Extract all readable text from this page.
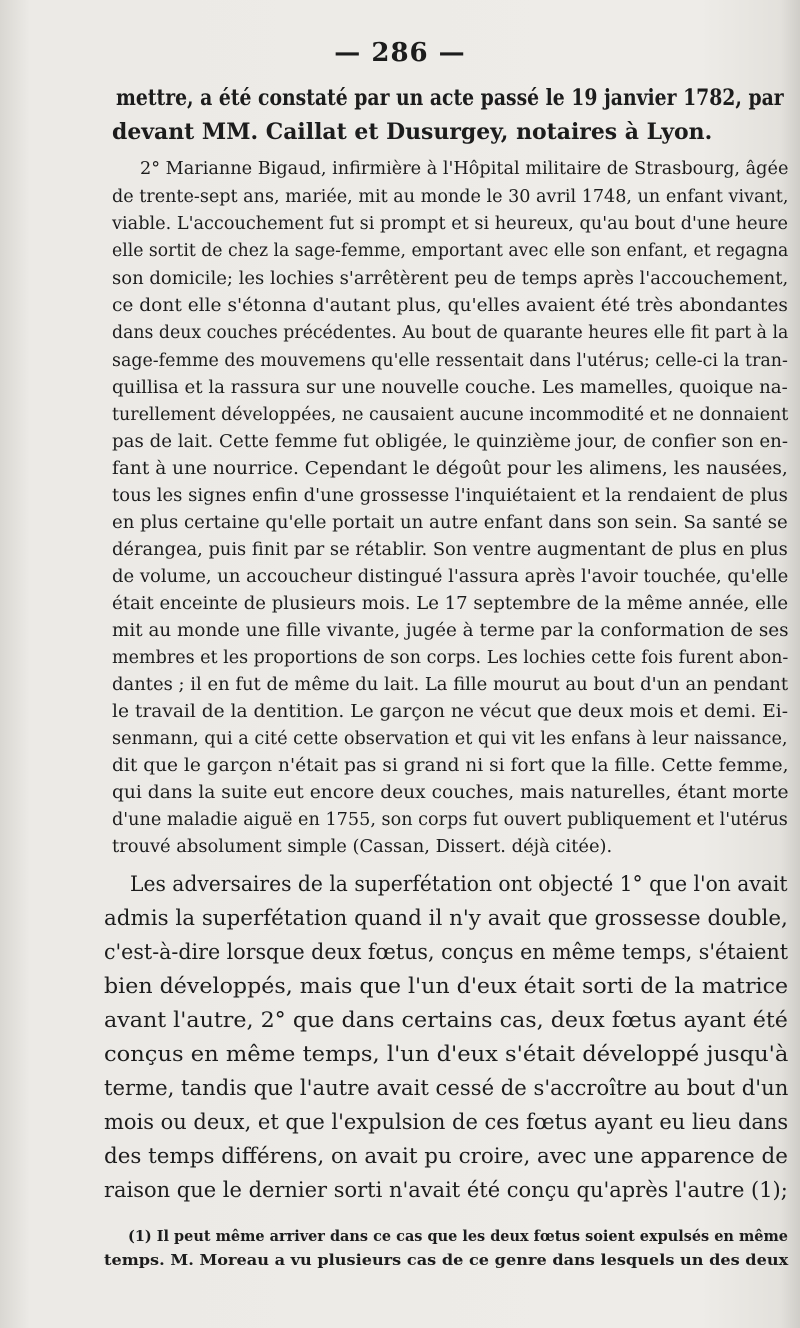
— 286 —
mettre, a été constaté par un acte passé le 19 janvier 1782, par
devant MM. Caillat et Dusurgey, notaires à Lyon.
2° Marianne Bigaud, infirmière à l'Hôpital militaire de Strasbourg, âgée
de trente-sept ans, mariée, mit au monde le 30 avril 1748, un enfant vivant,
viable. L'accouchement fut si prompt et si heureux, qu'au bout d'une heure
elle sortit de chez la sage-femme, emportant avec elle son enfant, et regagna
son domicile; les lochies s'arrêtèrent peu de temps après l'accouchement,
ce dont elle s'étonna d'autant plus, qu'elles avaient été très abondantes
dans deux couches précédentes. Au bout de quarante heures elle fit part à la
sage-femme des mouvemens qu'elle ressentait dans l'utérus; celle-ci la tran-
quillisa et la rassura sur une nouvelle couche. Les mamelles, quoique na-
turellement développées, ne causaient aucune incommodité et ne donnaient
pas de lait. Cette femme fut obligée, le quinzième jour, de confier son en-
fant à une nourrice. Cependant le dégoût pour les alimens, les nausées,
tous les signes enfin d'une grossesse l'inquiétaient et la rendaient de plus
en plus certaine qu'elle portait un autre enfant dans son sein. Sa santé se
dérangea, puis finit par se rétablir. Son ventre augmentant de plus en plus
de volume, un accoucheur distingué l'assura après l'avoir touchée, qu'elle
était enceinte de plusieurs mois. Le 17 septembre de la même année, elle
mit au monde une fille vivante, jugée à terme par la conformation de ses
membres et les proportions de son corps. Les lochies cette fois furent abon-
dantes ; il en fut de même du lait. La fille mourut au bout d'un an pendant
le travail de la dentition. Le garçon ne vécut que deux mois et demi. Ei-
senmann, qui a cité cette observation et qui vit les enfans à leur naissance,
dit que le garçon n'était pas si grand ni si fort que la fille. Cette femme,
qui dans la suite eut encore deux couches, mais naturelles, étant morte
d'une maladie aiguë en 1755, son corps fut ouvert publiquement et l'utérus
trouvé absolument simple (Cassan, Dissert. déjà citée).
Les adversaires de la superfétation ont objecté 1° que l'on avait
admis la superfétation quand il n'y avait que grossesse double,
c'est-à-dire lorsque deux fœtus, conçus en même temps, s'étaient
bien développés, mais que l'un d'eux était sorti de la matrice
avant l'autre, 2° que dans certains cas, deux fœtus ayant été
conçus en même temps, l'un d'eux s'était développé jusqu'à
terme, tandis que l'autre avait cessé de s'accroître au bout d'un
mois ou deux, et que l'expulsion de ces fœtus ayant eu lieu dans
des temps différens, on avait pu croire, avec une apparence de
raison que le dernier sorti n'avait été conçu qu'après l'autre (1);
(1) Il peut même arriver dans ce cas que les deux fœtus soient expulsés en même
temps. M. Moreau a vu plusieurs cas de ce genre dans lesquels un des deux
